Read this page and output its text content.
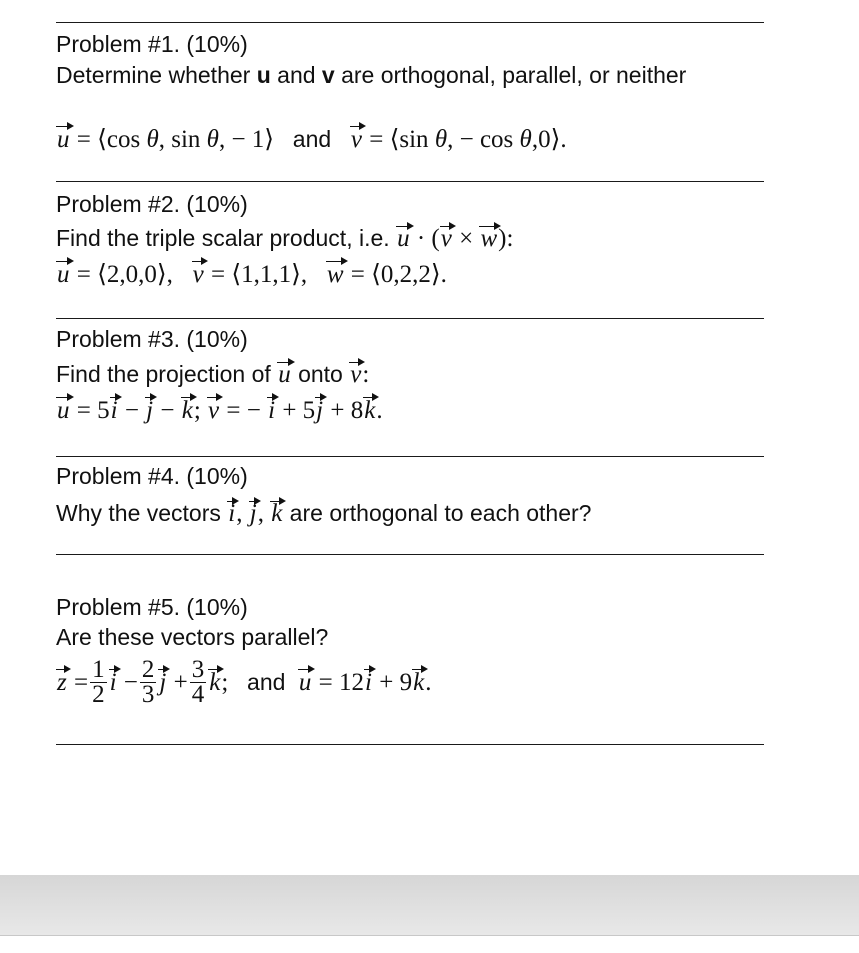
Problem #1. (10%)
Determine whether u and v are orthogonal, parallel, or neither
u = ⟨cos θ, sin θ, − 1⟩ and v = ⟨sin θ, − cos θ,0⟩.
Problem #2. (10%)
Find the triple scalar product, i.e. u · (v × w):
u = ⟨2,0,0⟩, v = ⟨1,1,1⟩, w = ⟨0,2,2⟩.
Problem #3. (10%)
Find the projection of u onto v:
u = 5i − j − k; v = − i + 5j + 8k.
Problem #4. (10%)
Why the vectors i, j, k are orthogonal to each other?
Problem #5. (10%)
Are these vectors parallel?
$z = \frac{1}{2}$ $i - \frac{2}{3}$ $j + \frac{3}{4} k$; and u = 12i + 9k.
